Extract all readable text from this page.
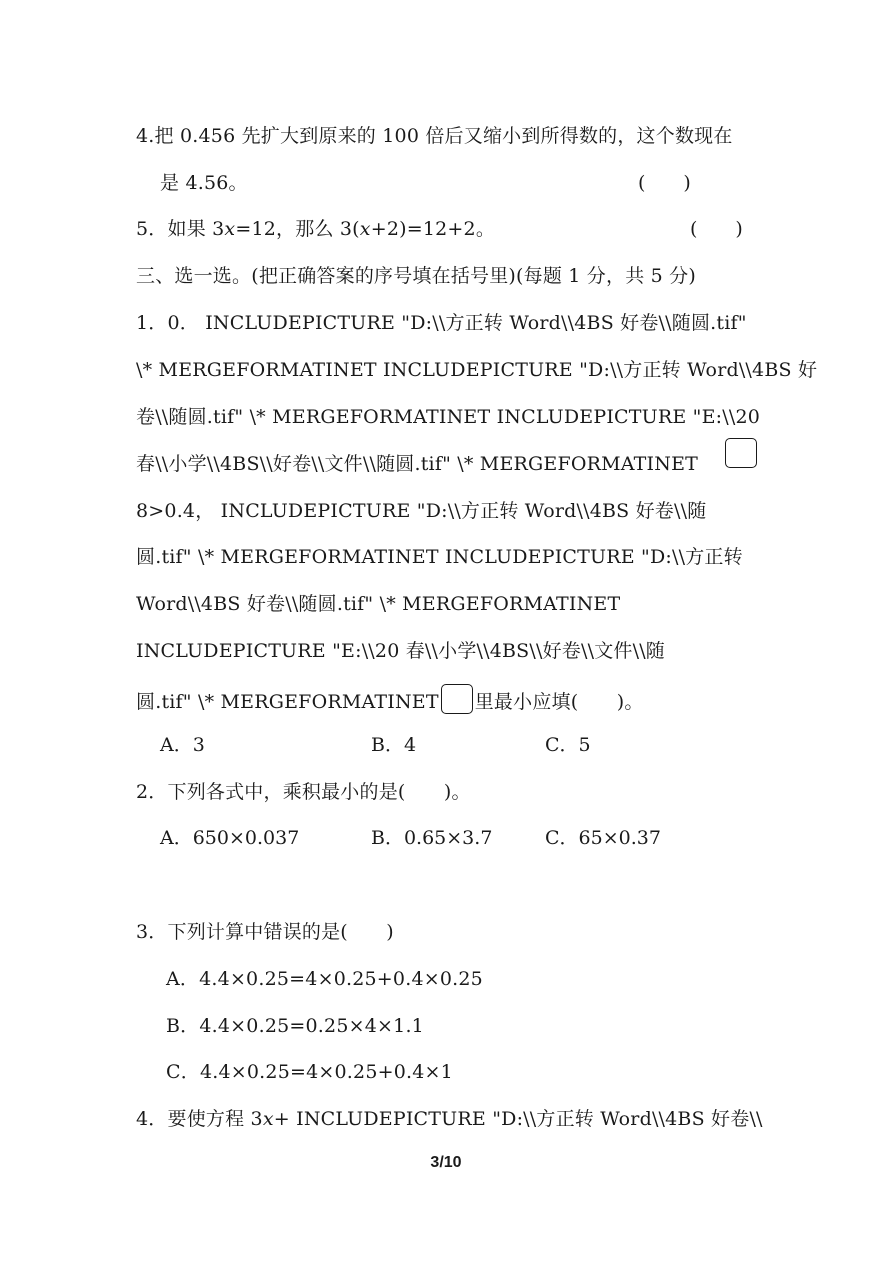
4.把 0.456 先扩大到原来的 100 倍后又缩小到所得数的，这个数现在
是 4.56。	(　　)
5．如果 3x=12，那么 3(x+2)=12+2。	(　　)
三、选一选。(把正确答案的序号填在括号里)(每题 1 分，共 5 分)
1．0． INCLUDEPICTURE "D:\\方正转 Word\\4BS 好卷\\随圆.tif"
\* MERGEFORMATINET INCLUDEPICTURE "D:\\方正转 Word\\4BS 好
卷\\随圆.tif" \* MERGEFORMATINET INCLUDEPICTURE "E:\\20
春\\小学\\4BS\\好卷\\文件\\随圆.tif" \* MERGEFORMATINET
8>0.4， INCLUDEPICTURE "D:\\方正转 Word\\4BS 好卷\\随
圆.tif" \* MERGEFORMATINET INCLUDEPICTURE "D:\\方正转
Word\\4BS 好卷\\随圆.tif" \* MERGEFORMATINET
INCLUDEPICTURE "E:\\20 春\\小学\\4BS\\好卷\\文件\\随
圆.tif" \* MERGEFORMATINET 里最小应填(　　)。
A．3	B．4	C．5
2．下列各式中，乘积最小的是(　　)。
A．650×0.037	B．0.65×3.7	C．65×0.37
3．下列计算中错误的是(　　)
A．4.4×0.25=4×0.25+0.4×0.25
B．4.4×0.25=0.25×4×1.1
C．4.4×0.25=4×0.25+0.4×1
4．要使方程 3x+ INCLUDEPICTURE "D:\\方正转 Word\\4BS 好卷\\
3/10
